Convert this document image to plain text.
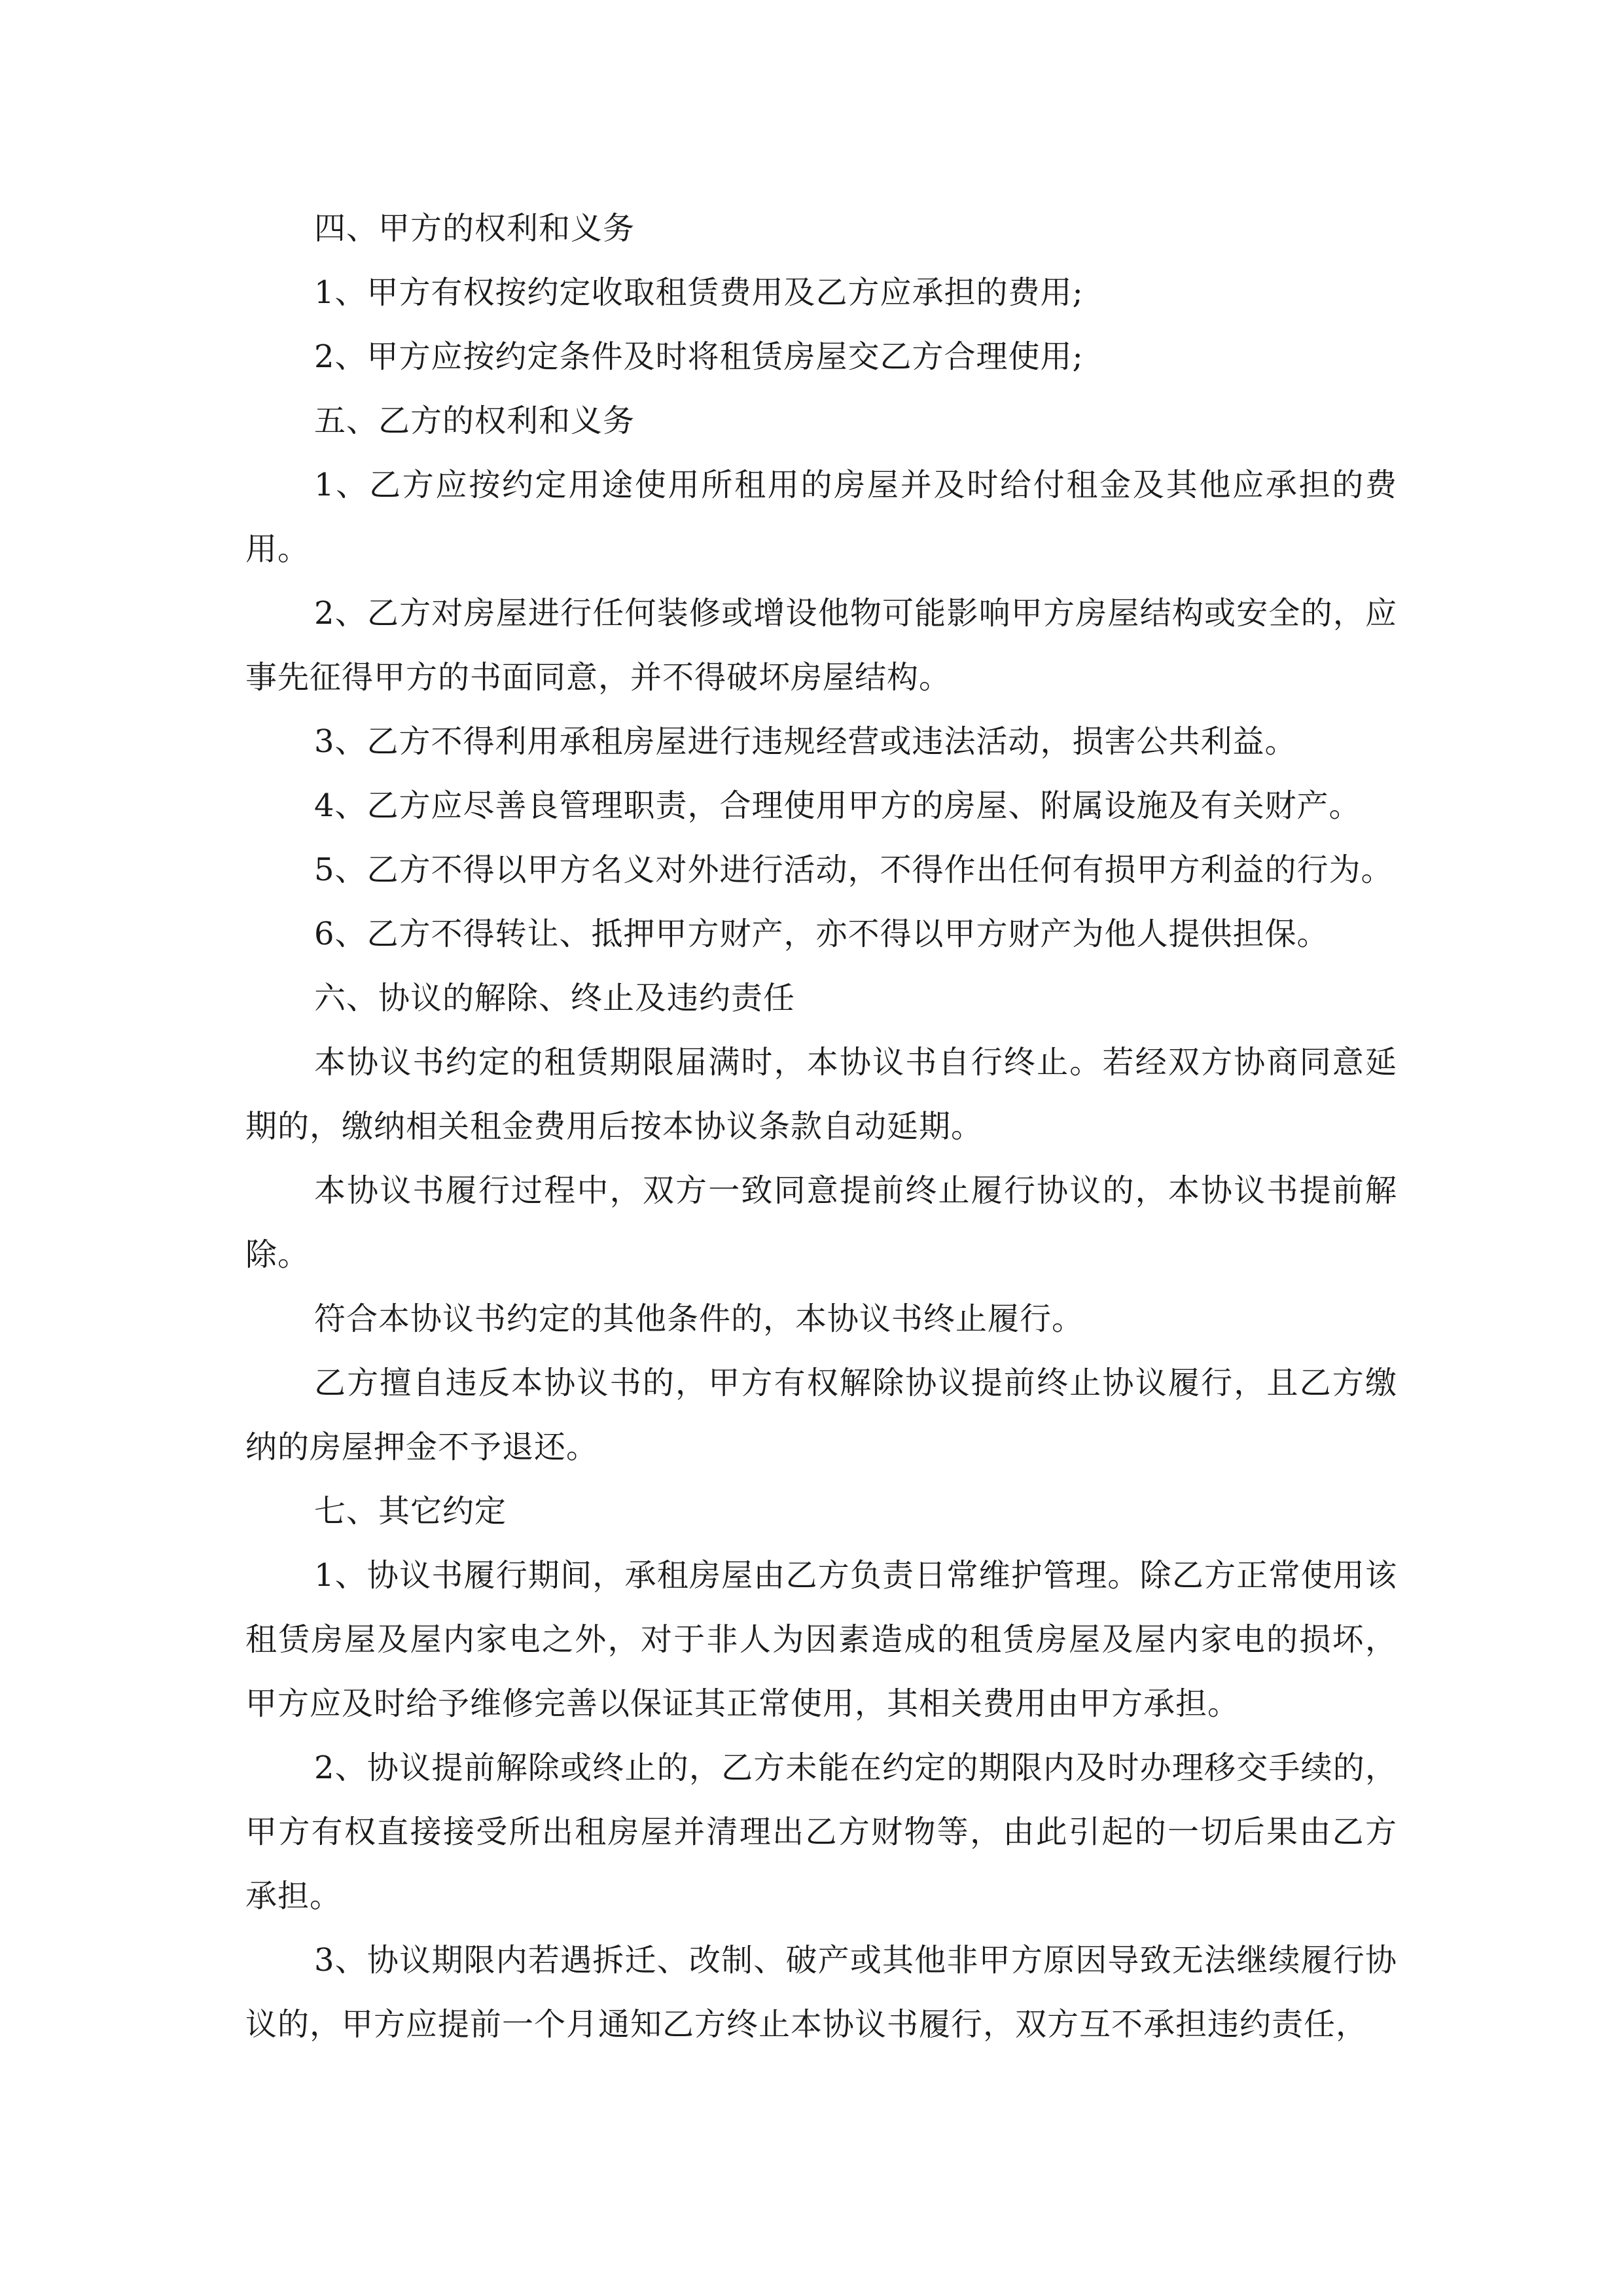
四、甲方的权利和义务

1、甲方有权按约定收取租赁费用及乙方应承担的费用;

2、甲方应按约定条件及时将租赁房屋交乙方合理使用;

五、乙方的权利和义务

1、乙方应按约定用途使用所租用的房屋并及时给付租金及其他应承担的费用。

2、乙方对房屋进行任何装修或增设他物可能影响甲方房屋结构或安全的，应事先征得甲方的书面同意，并不得破坏房屋结构。

3、乙方不得利用承租房屋进行违规经营或违法活动，损害公共利益。

4、乙方应尽善良管理职责，合理使用甲方的房屋、附属设施及有关财产。

5、乙方不得以甲方名义对外进行活动，不得作出任何有损甲方利益的行为。

6、乙方不得转让、抵押甲方财产，亦不得以甲方财产为他人提供担保。

六、协议的解除、终止及违约责任

本协议书约定的租赁期限届满时，本协议书自行终止。若经双方协商同意延期的，缴纳相关租金费用后按本协议条款自动延期。

本协议书履行过程中，双方一致同意提前终止履行协议的，本协议书提前解除。

符合本协议书约定的其他条件的，本协议书终止履行。

乙方擅自违反本协议书的，甲方有权解除协议提前终止协议履行，且乙方缴纳的房屋押金不予退还。

七、其它约定

1、协议书履行期间，承租房屋由乙方负责日常维护管理。除乙方正常使用该租赁房屋及屋内家电之外，对于非人为因素造成的租赁房屋及屋内家电的损坏，甲方应及时给予维修完善以保证其正常使用，其相关费用由甲方承担。

2、协议提前解除或终止的，乙方未能在约定的期限内及时办理移交手续的，甲方有权直接接受所出租房屋并清理出乙方财物等，由此引起的一切后果由乙方承担。

3、协议期限内若遇拆迁、改制、破产或其他非甲方原因导致无法继续履行协议的，甲方应提前一个月通知乙方终止本协议书履行，双方互不承担违约责任，
